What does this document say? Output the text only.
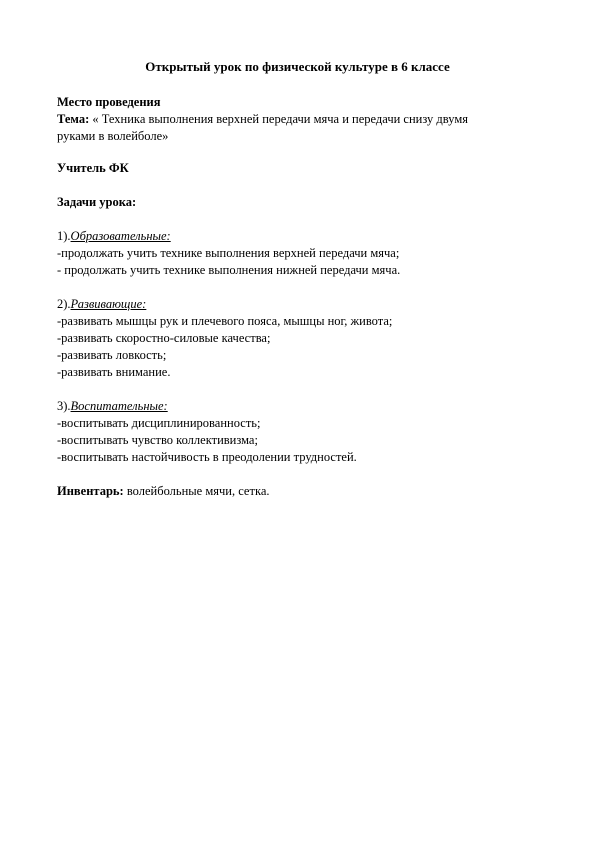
Открытый урок по физической культуре в 6 классе

Место проведения

Тема: « Техника выполнения верхней передачи мяча и передачи снизу двумя

руками в волейболе»

Учитель ФК

Задачи урока:

1).Образовательные:

-продолжать учить технике выполнения верхней передачи мяча;

- продолжать учить технике выполнения нижней передачи мяча.

2).Развивающие:

-развивать мышцы рук и плечевого пояса, мышцы ног, живота;

-развивать скоростно-силовые качества;

-развивать ловкость;

-развивать внимание.

3).Воспитательные:

-воспитывать дисциплинированность;

-воспитывать чувство коллективизма;

-воспитывать настойчивость в преодолении трудностей.

Инвентарь: волейбольные мячи, сетка.
